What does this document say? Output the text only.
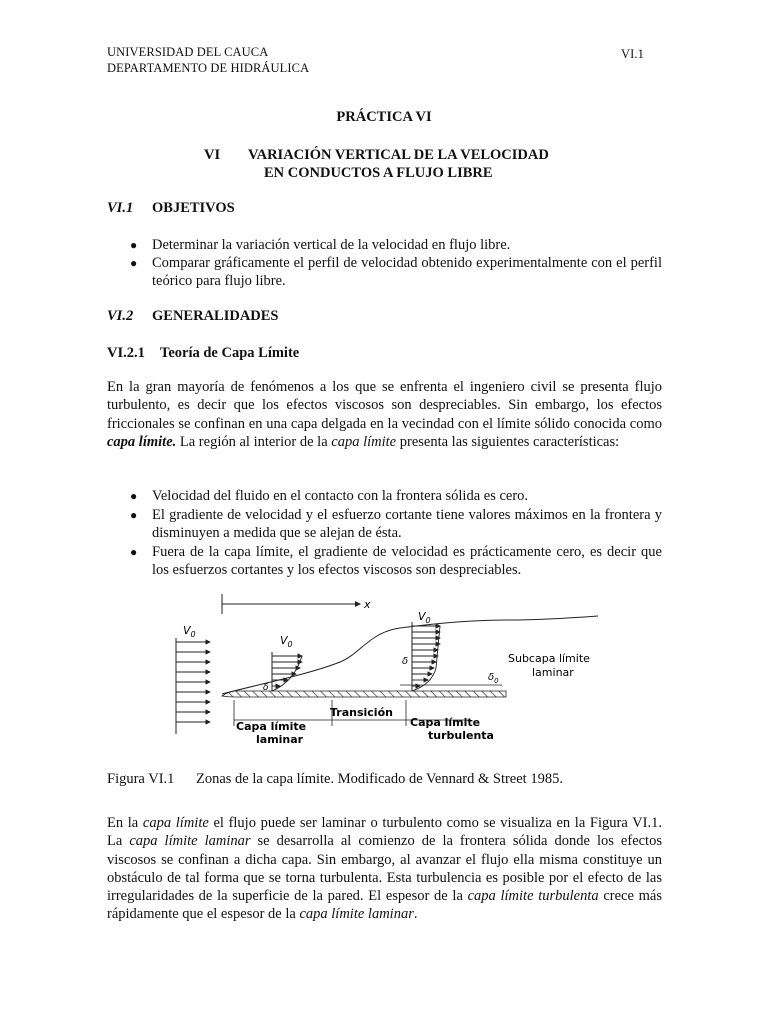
UNIVERSIDAD DEL CAUCA
DEPARTAMENTO DE HIDRÁULICA
VI.1
PRÁCTICA VI
VI VARIACIÓN VERTICAL DE LA VELOCIDAD
EN CONDUCTOS A FLUJO LIBRE
VI.1 OBJETIVOS
● Determinar la variación vertical de la velocidad en flujo libre.
● Comparar gráficamente el perfil de velocidad obtenido experimentalmente con el perfil teórico para flujo libre.
VI.2 GENERALIDADES
VI.2.1 Teoría de Capa Límite
En la gran mayoría de fenómenos a los que se enfrenta el ingeniero civil se presenta flujo turbulento, es decir que los efectos viscosos son despreciables. Sin embargo, los efectos friccionales se confinan en una capa delgada en la vecindad con el límite sólido conocida como capa límite. La región al interior de la capa límite presenta las siguientes características:
● Velocidad del fluido en el contacto con la frontera sólida es cero.
● El gradiente de velocidad y el esfuerzo cortante tiene valores máximos en la frontera y disminuyen a medida que se alejan de ésta.
● Fuera de la capa límite, el gradiente de velocidad es prácticamente cero, es decir que los esfuerzos cortantes y los efectos viscosos son despreciables.
x
$V_0$	$V_0$
δ
$V_0$
δ
$\delta_0$
Subcapa límite
laminar
Transición
Capa límite
laminar
Capa límite
turbulenta
Figura VI.1 Zonas de la capa límite. Modificado de Vennard & Street 1985.
En la capa límite el flujo puede ser laminar o turbulento como se visualiza en la Figura VI.1. La capa límite laminar se desarrolla al comienzo de la frontera sólida donde los efectos viscosos se confinan a dicha capa. Sin embargo, al avanzar el flujo ella misma constituye un obstáculo de tal forma que se torna turbulenta. Esta turbulencia es posible por el efecto de las irregularidades de la superficie de la pared. El espesor de la capa límite turbulenta crece más rápidamente que el espesor de la capa límite laminar.
